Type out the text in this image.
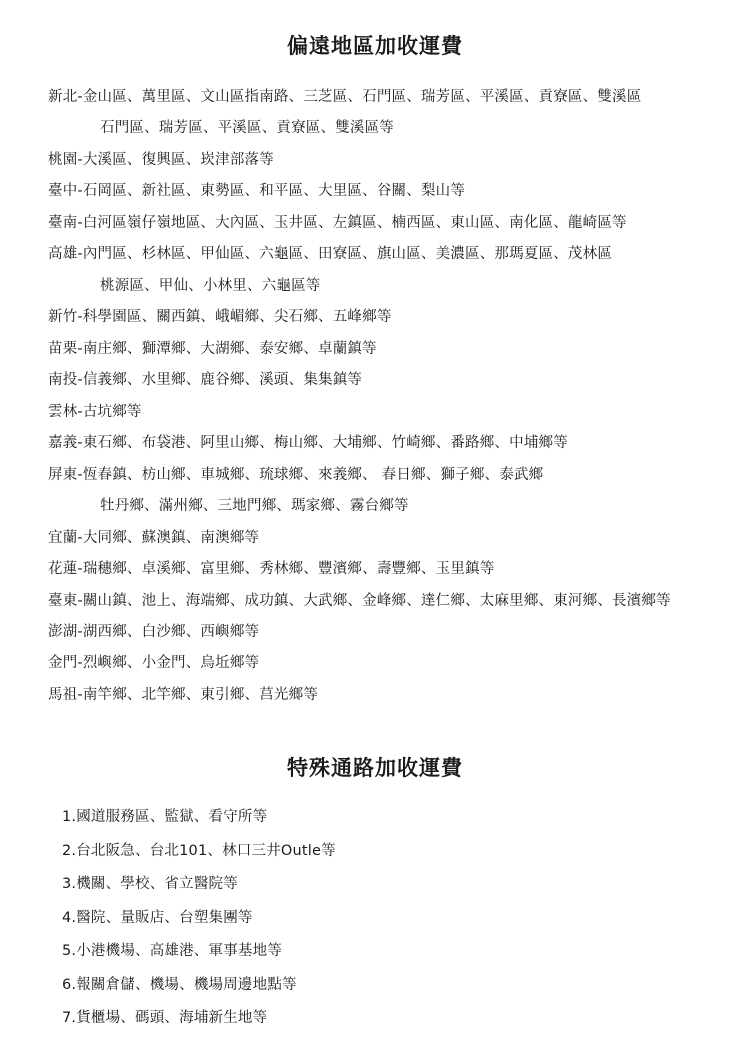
偏遠地區加收運費

新北-金山區、萬里區、文山區指南路、三芝區、石門區、瑞芳區、平溪區、貢寮區、雙溪區

石門區、瑞芳區、平溪區、貢寮區、雙溪區等

桃園-大溪區、復興區、崁津部落等

臺中-石岡區、新社區、東勢區、和平區、大里區、谷關、梨山等

臺南-白河區嶺仔嶺地區、大內區、玉井區、左鎮區、楠西區、東山區、南化區、龍崎區等

高雄-內門區、杉林區、甲仙區、六龜區、田寮區、旗山區、美濃區、那瑪夏區、茂林區

桃源區、甲仙、小林里、六龜區等

新竹-科學園區、關西鎮、峨嵋鄉、尖石鄉、五峰鄉等

苗栗-南庄鄉、獅潭鄉、大湖鄉、泰安鄉、卓蘭鎮等

南投-信義鄉、水里鄉、鹿谷鄉、溪頭、集集鎮等

雲林-古坑鄉等

嘉義-東石鄉、布袋港、阿里山鄉、梅山鄉、大埔鄉、竹崎鄉、番路鄉、中埔鄉等

屏東-恆春鎮、枋山鄉、車城鄉、琉球鄉、來義鄉、 春日鄉、獅子鄉、泰武鄉

牡丹鄉、滿州鄉、三地門鄉、瑪家鄉、霧台鄉等

宜蘭-大同鄉、蘇澳鎮、南澳鄉等

花蓮-瑞穗鄉、卓溪鄉、富里鄉、秀林鄉、豐濱鄉、壽豐鄉、玉里鎮等

臺東-關山鎮、池上、海端鄉、成功鎮、大武鄉、金峰鄉、達仁鄉、太麻里鄉、東河鄉、長濱鄉等

澎湖-湖西鄉、白沙鄉、西嶼鄉等

金門-烈嶼鄉、小金門、烏坵鄉等

馬祖-南竿鄉、北竿鄉、東引鄉、莒光鄉等

特殊通路加收運費

1.國道服務區、監獄、看守所等

2.台北阪急、台北101、林口三井Outle等

3.機關、學校、省立醫院等

4.醫院、量販店、台塑集團等

5.小港機場、高雄港、軍事基地等

6.報關倉儲、機場、機場周邊地點等

7.貨櫃場、碼頭、海埔新生地等
